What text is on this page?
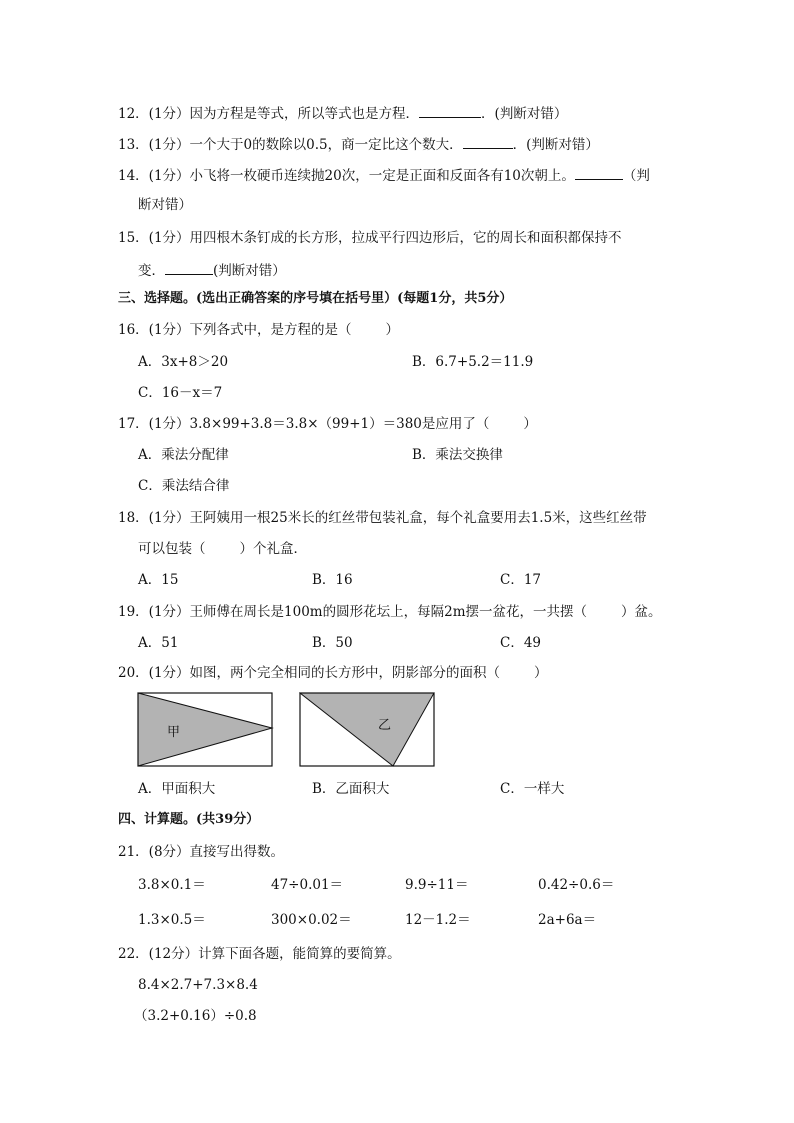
12．(1分）因为方程是等式，所以等式也是方程．	．(判断对错）
13．(1分）一个大于0的数除以0.5，商一定比这个数大．	．(判断对错）
14．(1分）小飞将一枚硬币连续抛20次，一定是正面和反面各有10次朝上。	（判
断对错）
15．(1分）用四根木条钉成的长方形，拉成平行四边形后，它的周长和面积都保持不
变．	(判断对错）
三、选择题。(选出正确答案的序号填在括号里）(每题1分，共5分）
16．(1分）下列各式中，是方程的是（	）
A．3x+8＞20	B．6.7+5.2＝11.9
C．16－x＝7
17．(1分）3.8×99+3.8＝3.8×（99+1）＝380是应用了（	）
A．乘法分配律	B．乘法交换律
C．乘法结合律
18．(1分）王阿姨用一根25米长的红丝带包装礼盒，每个礼盒要用去1.5米，这些红丝带
可以包装（	）个礼盒．
A．15	B．16	C．17
19．(1分）王师傅在周长是100m的圆形花坛上，每隔2m摆一盆花，一共摆（	）盆。
A．51	B．50	C．49
20．(1分）如图，两个完全相同的长方形中，阴影部分的面积（	）
甲	乙
A．甲面积大	B．乙面积大	C．一样大
四、计算题。(共39分）
21．(8分）直接写出得数。
3.8×0.1＝	47÷0.01＝	9.9÷11＝	0.42÷0.6＝
1.3×0.5＝	300×0.02＝	12－1.2＝	2a+6a＝
22．(12分）计算下面各题，能简算的要简算。
8.4×2.7+7.3×8.4
（3.2+0.16）÷0.8
